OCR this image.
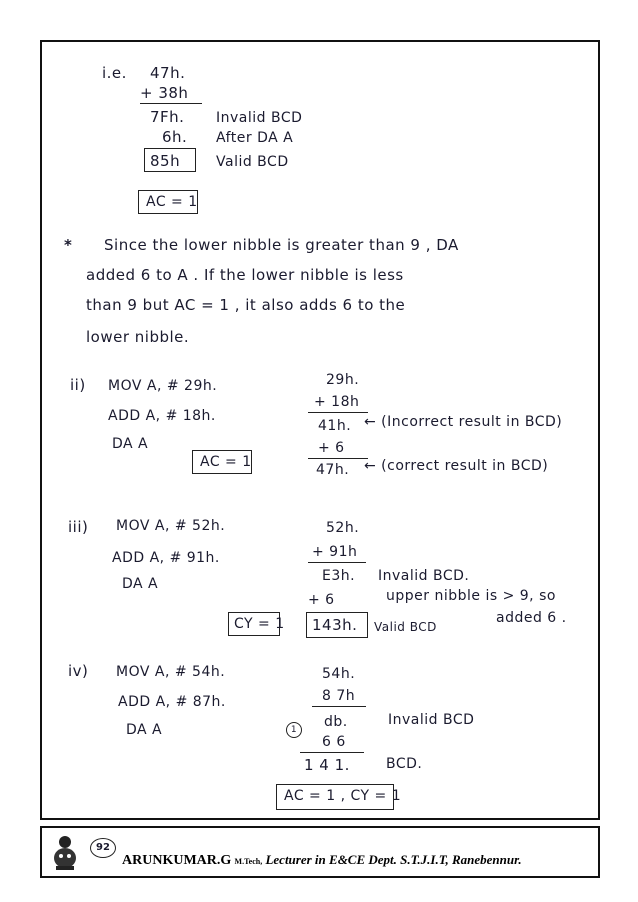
i.e. 47h.
+ 38h
7Fh. Invalid BCD
6h. After DA A
85h	Valid BCD
AC = 1
* Since the lower nibble is greater than 9 , DA
added 6 to A . If the lower nibble is less
than 9 but AC = 1 , it also adds 6 to the
lower nibble.
ii) MOV A, # 29h.
ADD A, # 18h.
DA A
AC = 1
29h.
+ 18h
41h. ← (Incorrect result in BCD)
+ 6
47h. ← (correct result in BCD)
iii) MOV A, # 52h.
ADD A, # 91h.
DA A
CY = 1
52h.
+ 91h
E3h. Invalid BCD.
+ 6	upper nibble is > 9, so
added 6 .
143h. Valid BCD
iv) MOV A, # 54h.
ADD A, # 87h.
DA A
54h.
8 7h
1	db.	Invalid BCD
6 6
1 4 1.	BCD.
AC = 1 , CY = 1
92
ARUNKUMAR.G M.Tech, Lecturer in E&CE Dept. S.T.J.I.T, Ranebennur.
